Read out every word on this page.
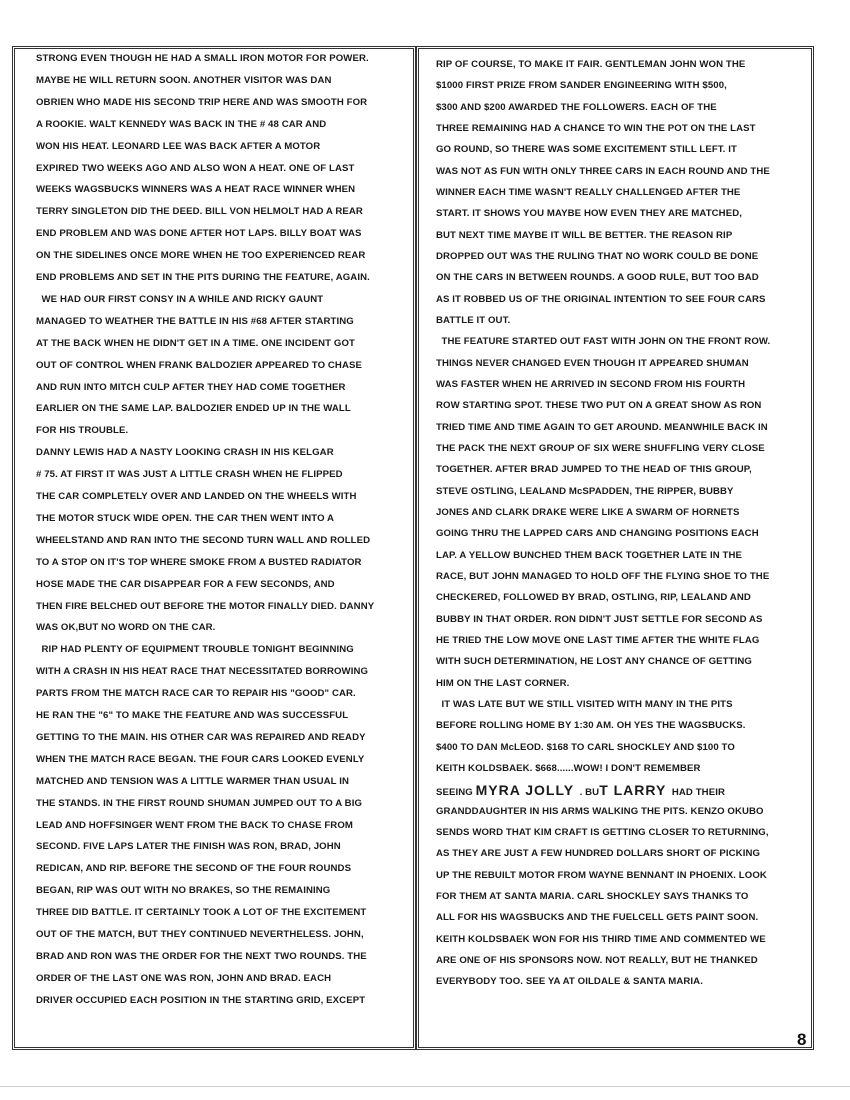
STRONG EVEN THOUGH HE HAD A SMALL IRON MOTOR FOR POWER.
MAYBE HE WILL RETURN SOON. ANOTHER VISITOR WAS DAN
OBRIEN WHO MADE HIS SECOND TRIP HERE AND WAS SMOOTH FOR
A ROOKIE. WALT KENNEDY WAS BACK IN THE # 48 CAR AND
WON HIS HEAT. LEONARD LEE WAS BACK AFTER A MOTOR
EXPIRED TWO WEEKS AGO AND ALSO WON A HEAT. ONE OF LAST
WEEKS WAGSBUCKS WINNERS WAS A HEAT RACE WINNER WHEN
TERRY SINGLETON DID THE DEED. BILL VON HELMOLT HAD A REAR
END PROBLEM AND WAS DONE AFTER HOT LAPS. BILLY BOAT WAS
ON THE SIDELINES ONCE MORE WHEN HE TOO EXPERIENCED REAR
END PROBLEMS AND SET IN THE PITS DURING THE FEATURE, AGAIN.
WE HAD OUR FIRST CONSY IN A WHILE AND RICKY GAUNT
MANAGED TO WEATHER THE BATTLE IN HIS #68 AFTER STARTING
AT THE BACK WHEN HE DIDN'T GET IN A TIME. ONE INCIDENT GOT
OUT OF CONTROL WHEN FRANK BALDOZIER APPEARED TO CHASE
AND RUN INTO MITCH CULP AFTER THEY HAD COME TOGETHER
EARLIER ON THE SAME LAP. BALDOZIER ENDED UP IN THE WALL
FOR HIS TROUBLE.
DANNY LEWIS HAD A NASTY LOOKING CRASH IN HIS KELGAR
# 75. AT FIRST IT WAS JUST A LITTLE CRASH WHEN HE FLIPPED
THE CAR COMPLETELY OVER AND LANDED ON THE WHEELS WITH
THE MOTOR STUCK WIDE OPEN. THE CAR THEN WENT INTO A
WHEELSTAND AND RAN INTO THE SECOND TURN WALL AND ROLLED
TO A STOP ON IT'S TOP WHERE SMOKE FROM A BUSTED RADIATOR
HOSE MADE THE CAR DISAPPEAR FOR A FEW SECONDS, AND
THEN FIRE BELCHED OUT BEFORE THE MOTOR FINALLY DIED. DANNY
WAS OK,BUT NO WORD ON THE CAR.
RIP HAD PLENTY OF EQUIPMENT TROUBLE TONIGHT BEGINNING
WITH A CRASH IN HIS HEAT RACE THAT NECESSITATED BORROWING
PARTS FROM THE MATCH RACE CAR TO REPAIR HIS "GOOD" CAR.
HE RAN THE "6" TO MAKE THE FEATURE AND WAS SUCCESSFUL
GETTING TO THE MAIN. HIS OTHER CAR WAS REPAIRED AND READY
WHEN THE MATCH RACE BEGAN. THE FOUR CARS LOOKED EVENLY
MATCHED AND TENSION WAS A LITTLE WARMER THAN USUAL IN
THE STANDS. IN THE FIRST ROUND SHUMAN JUMPED OUT TO A BIG
LEAD AND HOFFSINGER WENT FROM THE BACK TO CHASE FROM
SECOND. FIVE LAPS LATER THE FINISH WAS RON, BRAD, JOHN
REDICAN, AND RIP. BEFORE THE SECOND OF THE FOUR ROUNDS
BEGAN, RIP WAS OUT WITH NO BRAKES, SO THE REMAINING
THREE DID BATTLE. IT CERTAINLY TOOK A LOT OF THE EXCITEMENT
OUT OF THE MATCH, BUT THEY CONTINUED NEVERTHELESS. JOHN,
BRAD AND RON WAS THE ORDER FOR THE NEXT TWO ROUNDS. THE
ORDER OF THE LAST ONE WAS RON, JOHN AND BRAD. EACH
DRIVER OCCUPIED EACH POSITION IN THE STARTING GRID, EXCEPT
RIP OF COURSE, TO MAKE IT FAIR. GENTLEMAN JOHN WON THE
$1000 FIRST PRIZE FROM SANDER ENGINEERING WITH $500,
$300 AND $200 AWARDED THE FOLLOWERS. EACH OF THE
THREE REMAINING HAD A CHANCE TO WIN THE POT ON THE LAST
GO ROUND, SO THERE WAS SOME EXCITEMENT STILL LEFT. IT
WAS NOT AS FUN WITH ONLY THREE CARS IN EACH ROUND AND THE
WINNER EACH TIME WASN'T REALLY CHALLENGED AFTER THE
START. IT SHOWS YOU MAYBE HOW EVEN THEY ARE MATCHED,
BUT NEXT TIME MAYBE IT WILL BE BETTER. THE REASON RIP
DROPPED OUT WAS THE RULING THAT NO WORK COULD BE DONE
ON THE CARS IN BETWEEN ROUNDS. A GOOD RULE, BUT TOO BAD
AS IT ROBBED US OF THE ORIGINAL INTENTION TO SEE FOUR CARS
BATTLE IT OUT.
THE FEATURE STARTED OUT FAST WITH JOHN ON THE FRONT ROW.
THINGS NEVER CHANGED EVEN THOUGH IT APPEARED SHUMAN
WAS FASTER WHEN HE ARRIVED IN SECOND FROM HIS FOURTH
ROW STARTING SPOT. THESE TWO PUT ON A GREAT SHOW AS RON
TRIED TIME AND TIME AGAIN TO GET AROUND. MEANWHILE BACK IN
THE PACK THE NEXT GROUP OF SIX WERE SHUFFLING VERY CLOSE
TOGETHER. AFTER BRAD JUMPED TO THE HEAD OF THIS GROUP,
STEVE OSTLING, LEALAND McSPADDEN, THE RIPPER, BUBBY
JONES AND CLARK DRAKE WERE LIKE A SWARM OF HORNETS
GOING THRU THE LAPPED CARS AND CHANGING POSITIONS EACH
LAP. A YELLOW BUNCHED THEM BACK TOGETHER LATE IN THE
RACE, BUT JOHN MANAGED TO HOLD OFF THE FLYING SHOE TO THE
CHECKERED, FOLLOWED BY BRAD, OSTLING, RIP, LEALAND AND
BUBBY IN THAT ORDER. RON DIDN'T JUST SETTLE FOR SECOND AS
HE TRIED THE LOW MOVE ONE LAST TIME AFTER THE WHITE FLAG
WITH SUCH DETERMINATION, HE LOST ANY CHANCE OF GETTING
HIM ON THE LAST CORNER.
IT WAS LATE BUT WE STILL VISITED WITH MANY IN THE PITS
BEFORE ROLLING HOME BY 1:30 AM. OH YES THE WAGSBUCKS.
$400 TO DAN McLEOD. $168 TO CARL SHOCKLEY AND $100 TO
KEITH KOLDSBAEK. $668......WOW! I DON'T REMEMBER
SEEING MYRA JOLLY  . BUT LARRY  HAD THEIR
GRANDDAUGHTER IN HIS ARMS WALKING THE PITS. KENZO OKUBO
SENDS WORD THAT KIM CRAFT IS GETTING CLOSER TO RETURNING,
AS THEY ARE JUST A FEW HUNDRED DOLLARS SHORT OF PICKING
UP THE REBUILT MOTOR FROM WAYNE BENNANT IN PHOENIX. LOOK
FOR THEM AT SANTA MARIA. CARL SHOCKLEY SAYS THANKS TO
ALL FOR HIS WAGSBUCKS AND THE FUELCELL GETS PAINT SOON.
KEITH KOLDSBAEK WON FOR HIS THIRD TIME AND COMMENTED WE
ARE ONE OF HIS SPONSORS NOW. NOT REALLY, BUT HE THANKED
EVERYBODY TOO. SEE YA AT OILDALE & SANTA MARIA.
8
